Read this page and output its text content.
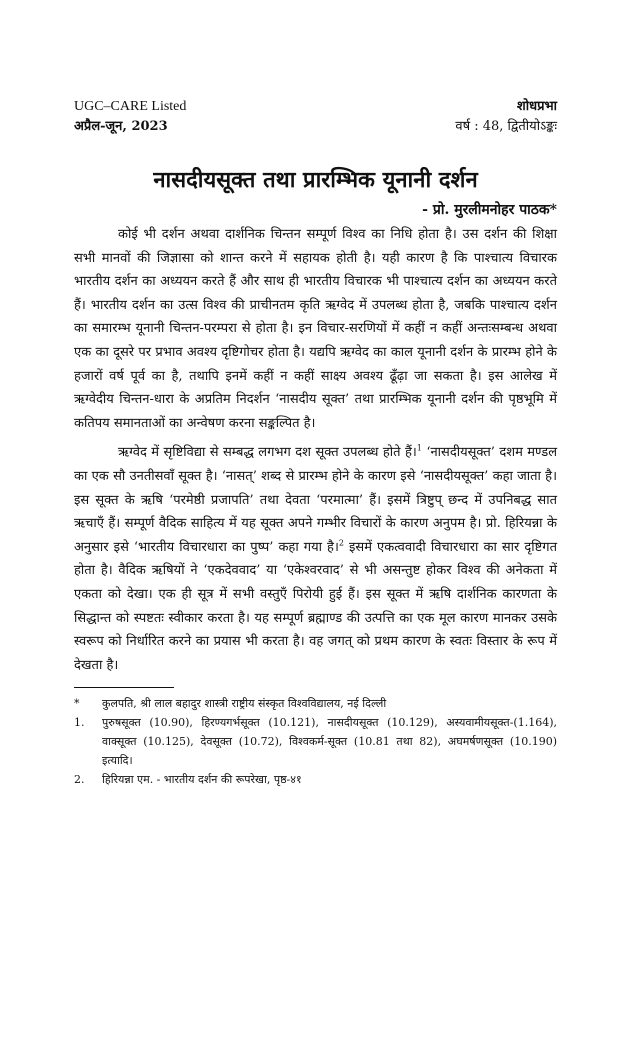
UGC–CARE Listed
अप्रैल-जून, 2023
शोधप्रभा
वर्ष : 48, द्वितीयोऽङ्कः
नासदीयसूक्त तथा प्रारम्भिक यूनानी दर्शन
- प्रो. मुरलीमनोहर पाठक*

कोई भी दर्शन अथवा दार्शनिक चिन्तन सम्पूर्ण विश्व का निधि होता है। उस दर्शन की शिक्षा सभी मानवों की जिज्ञासा को शान्त करने में सहायक होती है। यही कारण है कि पाश्चात्य विचारक भारतीय दर्शन का अध्ययन करते हैं और साथ ही भारतीय विचारक भी पाश्चात्य दर्शन का अध्ययन करते हैं। भारतीय दर्शन का उत्स विश्व की प्राचीनतम कृति ऋग्वेद में उपलब्ध होता है, जबकि पाश्चात्य दर्शन का समारम्भ यूनानी चिन्तन-परम्परा से होता है। इन विचार-सरणियों में कहीं न कहीं अन्तःसम्बन्ध अथवा एक का दूसरे पर प्रभाव अवश्य दृष्टिगोचर होता है। यद्यपि ऋग्वेद का काल यूनानी दर्शन के प्रारम्भ होने के हजारों वर्ष पूर्व का है, तथापि इनमें कहीं न कहीं साक्ष्य अवश्य ढूँढ़ा जा सकता है। इस आलेख में ऋग्वेदीय चिन्तन-धारा के अप्रतिम निदर्शन ‘नासदीय सूक्त’ तथा प्रारम्भिक यूनानी दर्शन की पृष्ठभूमि में कतिपय समानताओं का अन्वेषण करना सङ्कल्पित है।

ऋग्वेद में सृष्टिविद्या से सम्बद्ध लगभग दश सूक्त उपलब्ध होते हैं।$^1$ ‘नासदीयसूक्त’ दशम मण्डल का एक सौ उनतीसवाँ सूक्त है। ‘नासत्’ शब्द से प्रारम्भ होने के कारण इसे ‘नासदीयसूक्त’ कहा जाता है। इस सूक्त के ऋषि ‘परमेष्ठी प्रजापति’ तथा देवता ‘परमात्मा’ हैं। इसमें त्रिष्टुप् छन्द में उपनिबद्ध सात ऋचाएँ हैं। सम्पूर्ण वैदिक साहित्य में यह सूक्त अपने गम्भीर विचारों के कारण अनुपम है। प्रो. हिरियन्ना के अनुसार इसे ‘भारतीय विचारधारा का पुष्प’ कहा गया है।$^2$ इसमें एकत्ववादी विचारधारा का सार दृष्टिगत होता है। वैदिक ऋषियों ने ‘एकदेववाद’ या ‘एकेश्वरवाद’ से भी असन्तुष्ट होकर विश्व की अनेकता में एकता को देखा। एक ही सूत्र में सभी वस्तुएँ पिरोयी हुई हैं। इस सूक्त में ऋषि दार्शनिक कारणता के सिद्धान्त को स्पष्टतः स्वीकार करता है। यह सम्पूर्ण ब्रह्माण्ड की उत्पत्ति का एक मूल कारण मानकर उसके स्वरूप को निर्धारित करने का प्रयास भी करता है। वह जगत् को प्रथम कारण के स्वतः विस्तार के रूप में देखता है।

* कुलपति, श्री लाल बहादुर शास्त्री राष्ट्रीय संस्कृत विश्वविद्यालय, नई दिल्ली
1. पुरुषसूक्त (10.90), हिरण्यगर्भसूक्त (10.121), नासदीयसूक्त (10.129), अस्यवामीयसूक्त-(1.164), वाक्सूक्त (10.125), देवसूक्त (10.72), विश्वकर्म-सूक्त (10.81 तथा 82), अघमर्षणसूक्त (10.190) इत्यादि।
2. हिरियन्ना एम. - भारतीय दर्शन की रूपरेखा, पृष्ठ-४१
